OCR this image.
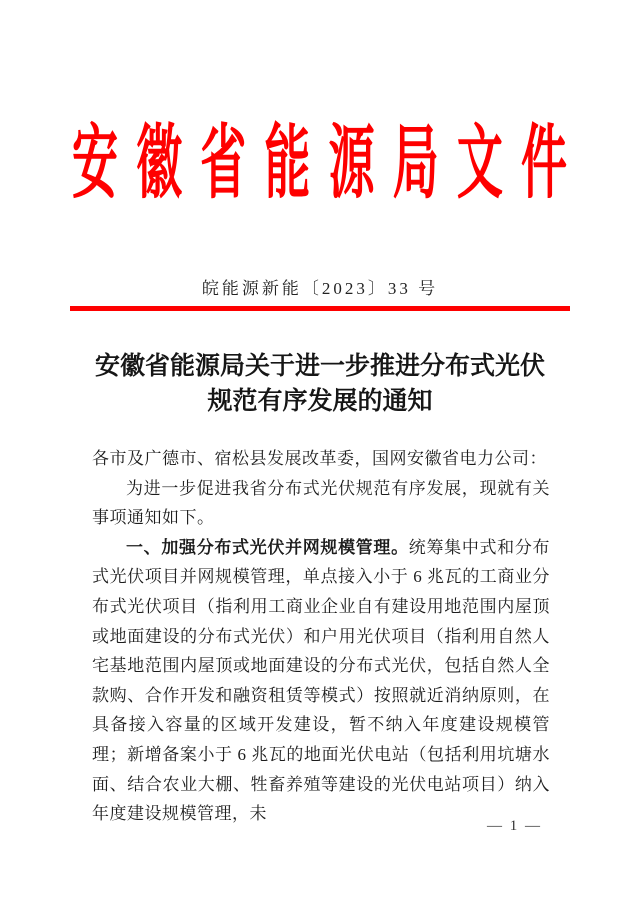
安 徽 省 能 源 局 文 件
皖能源新能〔2023〕33 号
安徽省能源局关于进一步推进分布式光伏
规范有序发展的通知

各市及广德市、宿松县发展改革委，国网安徽省电力公司：

为进一步促进我省分布式光伏规范有序发展，现就有关事项通知如下。

一、加强分布式光伏并网规模管理。统筹集中式和分布式光伏项目并网规模管理，单点接入小于 6 兆瓦的工商业分布式光伏项目（指利用工商业企业自有建设用地范围内屋顶或地面建设的分布式光伏）和户用光伏项目（指利用自然人宅基地范围内屋顶或地面建设的分布式光伏，包括自然人全款购、合作开发和融资租赁等模式）按照就近消纳原则，在具备接入容量的区域开发建设，暂不纳入年度建设规模管理；新增备案小于 6 兆瓦的地面光伏电站（包括利用坑塘水面、结合农业大棚、牲畜养殖等建设的光伏电站项目）纳入年度建设规模管理，未

— 1 —
